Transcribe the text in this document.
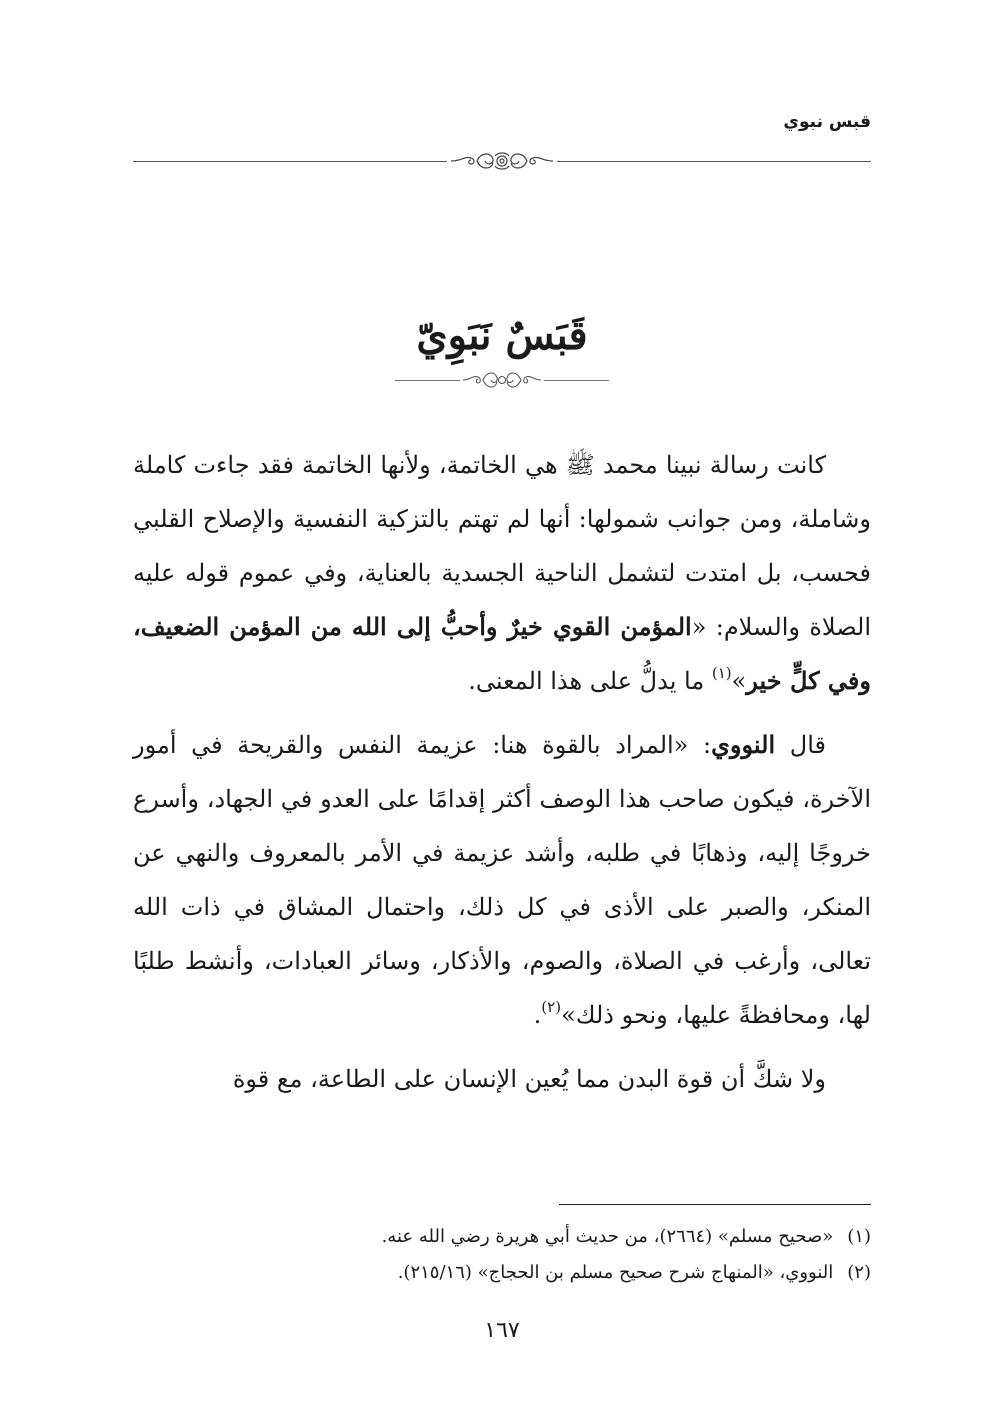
قبس نبوي
قَبَسٌ نَبَوِيّ

كانت رسالة نبينا محمد ﷺ هي الخاتمة، ولأنها الخاتمة فقد جاءت كاملة وشاملة، ومن جوانب شمولها: أنها لم تهتم بالتزكية النفسية والإصلاح القلبي فحسب، بل امتدت لتشمل الناحية الجسدية بالعناية، وفي عموم قوله عليه الصلاة والسلام: «المؤمن القوي خيرٌ وأحبُّ إلى الله من المؤمن الضعيف، وفي كلٍّ خير»$^{(١)}$ ما يدلُّ على هذا المعنى.

قال النووي: «المراد بالقوة هنا: عزيمة النفس والقريحة في أمور الآخرة، فيكون صاحب هذا الوصف أكثر إقدامًا على العدو في الجهاد، وأسرع خروجًا إليه، وذهابًا في طلبه، وأشد عزيمة في الأمر بالمعروف والنهي عن المنكر، والصبر على الأذى في كل ذلك، واحتمال المشاق في ذات الله تعالى، وأرغب في الصلاة، والصوم، والأذكار، وسائر العبادات، وأنشط طلبًا لها، ومحافظةً عليها، ونحو ذلك»$^{(٢)}$.

ولا شكَّ أن قوة البدن مما يُعين الإنسان على الطاعة، مع قوة

(١)
«صحيح مسلم» (٢٦٦٤)، من حديث أبي هريرة رضي الله عنه.
(٢)
النووي، «المنهاج شرح صحيح مسلم بن الحجاج» (٢١٥/١٦).
١٦٧
